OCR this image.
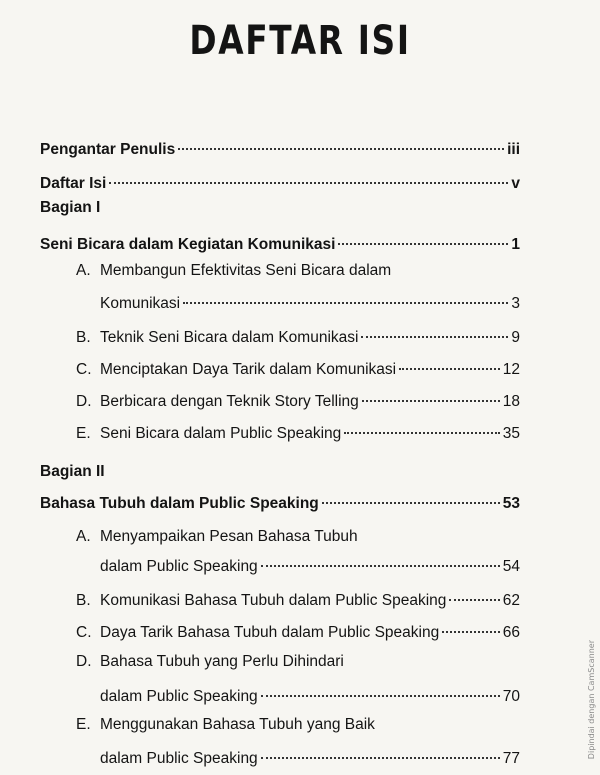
DAFTAR ISI
Pengantar Penulis	iii
Daftar Isi	v
Bagian I
Seni Bicara dalam Kegiatan Komunikasi	1
A. Membangun Efektivitas Seni Bicara dalam
Komunikasi	3
B. Teknik Seni Bicara dalam Komunikasi	9
C. Menciptakan Daya Tarik dalam Komunikasi	12
D. Berbicara dengan Teknik Story Telling	18
E. Seni Bicara dalam Public Speaking	35
Bagian II
Bahasa Tubuh dalam Public Speaking	53
A. Menyampaikan Pesan Bahasa Tubuh
dalam Public Speaking	54
B. Komunikasi Bahasa Tubuh dalam Public Speaking	62
C. Daya Tarik Bahasa Tubuh dalam Public Speaking	66
D. Bahasa Tubuh yang Perlu Dihindari
dalam Public Speaking	70
E. Menggunakan Bahasa Tubuh yang Baik
dalam Public Speaking	77	Dipindai dengan CamScanner
